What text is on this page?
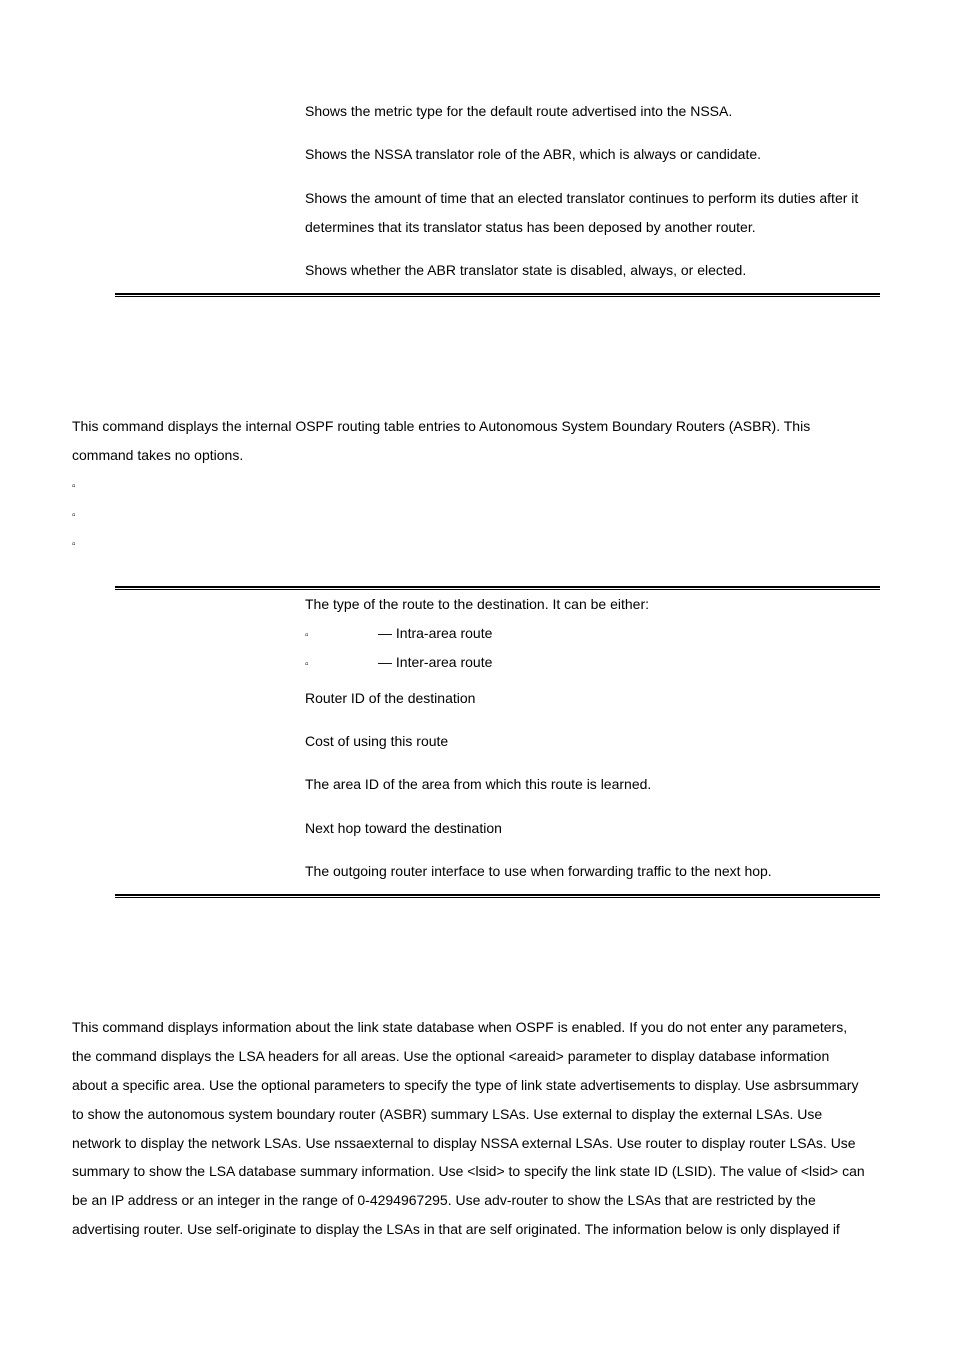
Shows the metric type for the default route advertised into the NSSA.
Shows the NSSA translator role of the ABR, which is always or candidate.
Shows the amount of time that an elected translator continues to perform its duties after it
determines that its translator status has been deposed by another router.
Shows whether the ABR translator state is disabled, always, or elected.
This command displays the internal OSPF routing table entries to Autonomous System Boundary Routers (ASBR). This
command takes no options.
▫
▫
▫
The type of the route to the destination. It can be either:
▫	— Intra-area route
▫	— Inter-area route
Router ID of the destination
Cost of using this route
The area ID of the area from which this route is learned.
Next hop toward the destination
The outgoing router interface to use when forwarding traffic to the next hop.
This command displays information about the link state database when OSPF is enabled. If you do not enter any parameters,
the command displays the LSA headers for all areas. Use the optional <areaid> parameter to display database information
about a specific area. Use the optional parameters to specify the type of link state advertisements to display. Use asbrsummary
to show the autonomous system boundary router (ASBR) summary LSAs. Use external to display the external LSAs. Use
network to display the network LSAs. Use nssaexternal to display NSSA external LSAs. Use router to display router LSAs. Use
summary to show the LSA database summary information. Use <lsid> to specify the link state ID (LSID). The value of <lsid> can
be an IP address or an integer in the range of 0-4294967295. Use adv-router to show the LSAs that are restricted by the
advertising router. Use self-originate to display the LSAs in that are self originated. The information below is only displayed if
